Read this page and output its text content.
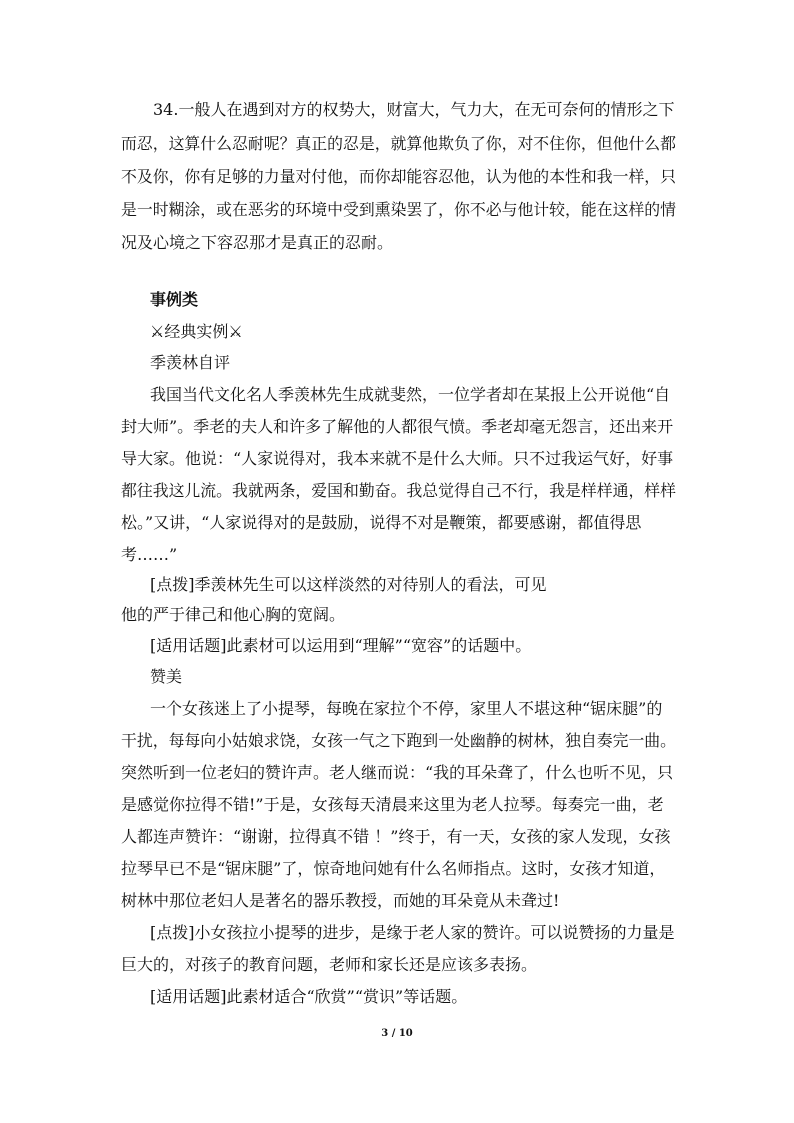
34.一般人在遇到对方的权势大，财富大，气力大，在无可奈何的情形之下
而忍，这算什么忍耐呢？真正的忍是，就算他欺负了你，对不住你，但他什么都
不及你，你有足够的力量对付他，而你却能容忍他，认为他的本性和我一样，只
是一时糊涂，或在恶劣的环境中受到熏染罢了，你不必与他计较，能在这样的情
况及心境之下容忍那才是真正的忍耐。
事例类
⚔经典实例⚔
季羡林自评
我国当代文化名人季羡林先生成就斐然，一位学者却在某报上公开说他“自
封大师”。季老的夫人和许多了解他的人都很气愤。季老却毫无怨言，还出来开
导大家。他说：“人家说得对，我本来就不是什么大师。只不过我运气好，好事
都往我这儿流。我就两条，爱国和勤奋。我总觉得自己不行，我是样样通，样样
松。”又讲，“人家说得对的是鼓励，说得不对是鞭策，都要感谢，都值得思
考……”
[点拨]季羡林先生可以这样淡然的对待别人的看法，可见
他的严于律己和他心胸的宽阔。
[适用话题]此素材可以运用到“理解”“宽容”的话题中。
赞美
一个女孩迷上了小提琴，每晚在家拉个不停，家里人不堪这种“锯床腿”的
干扰，每每向小姑娘求饶，女孩一气之下跑到一处幽静的树林，独自奏完一曲。
突然听到一位老妇的赞许声。老人继而说：“我的耳朵聋了，什么也听不见，只
是感觉你拉得不错!”于是，女孩每天清晨来这里为老人拉琴。每奏完一曲，老
人都连声赞许：“谢谢，拉得真不错 ！”终于，有一天，女孩的家人发现，女孩
拉琴早已不是“锯床腿”了，惊奇地问她有什么名师指点。这时，女孩才知道，
树林中那位老妇人是著名的器乐教授，而她的耳朵竟从未聋过!
[点拨]小女孩拉小提琴的进步，是缘于老人家的赞许。可以说赞扬的力量是
巨大的，对孩子的教育问题，老师和家长还是应该多表扬。
[适用话题]此素材适合“欣赏”“赏识”等话题。
3 / 10
